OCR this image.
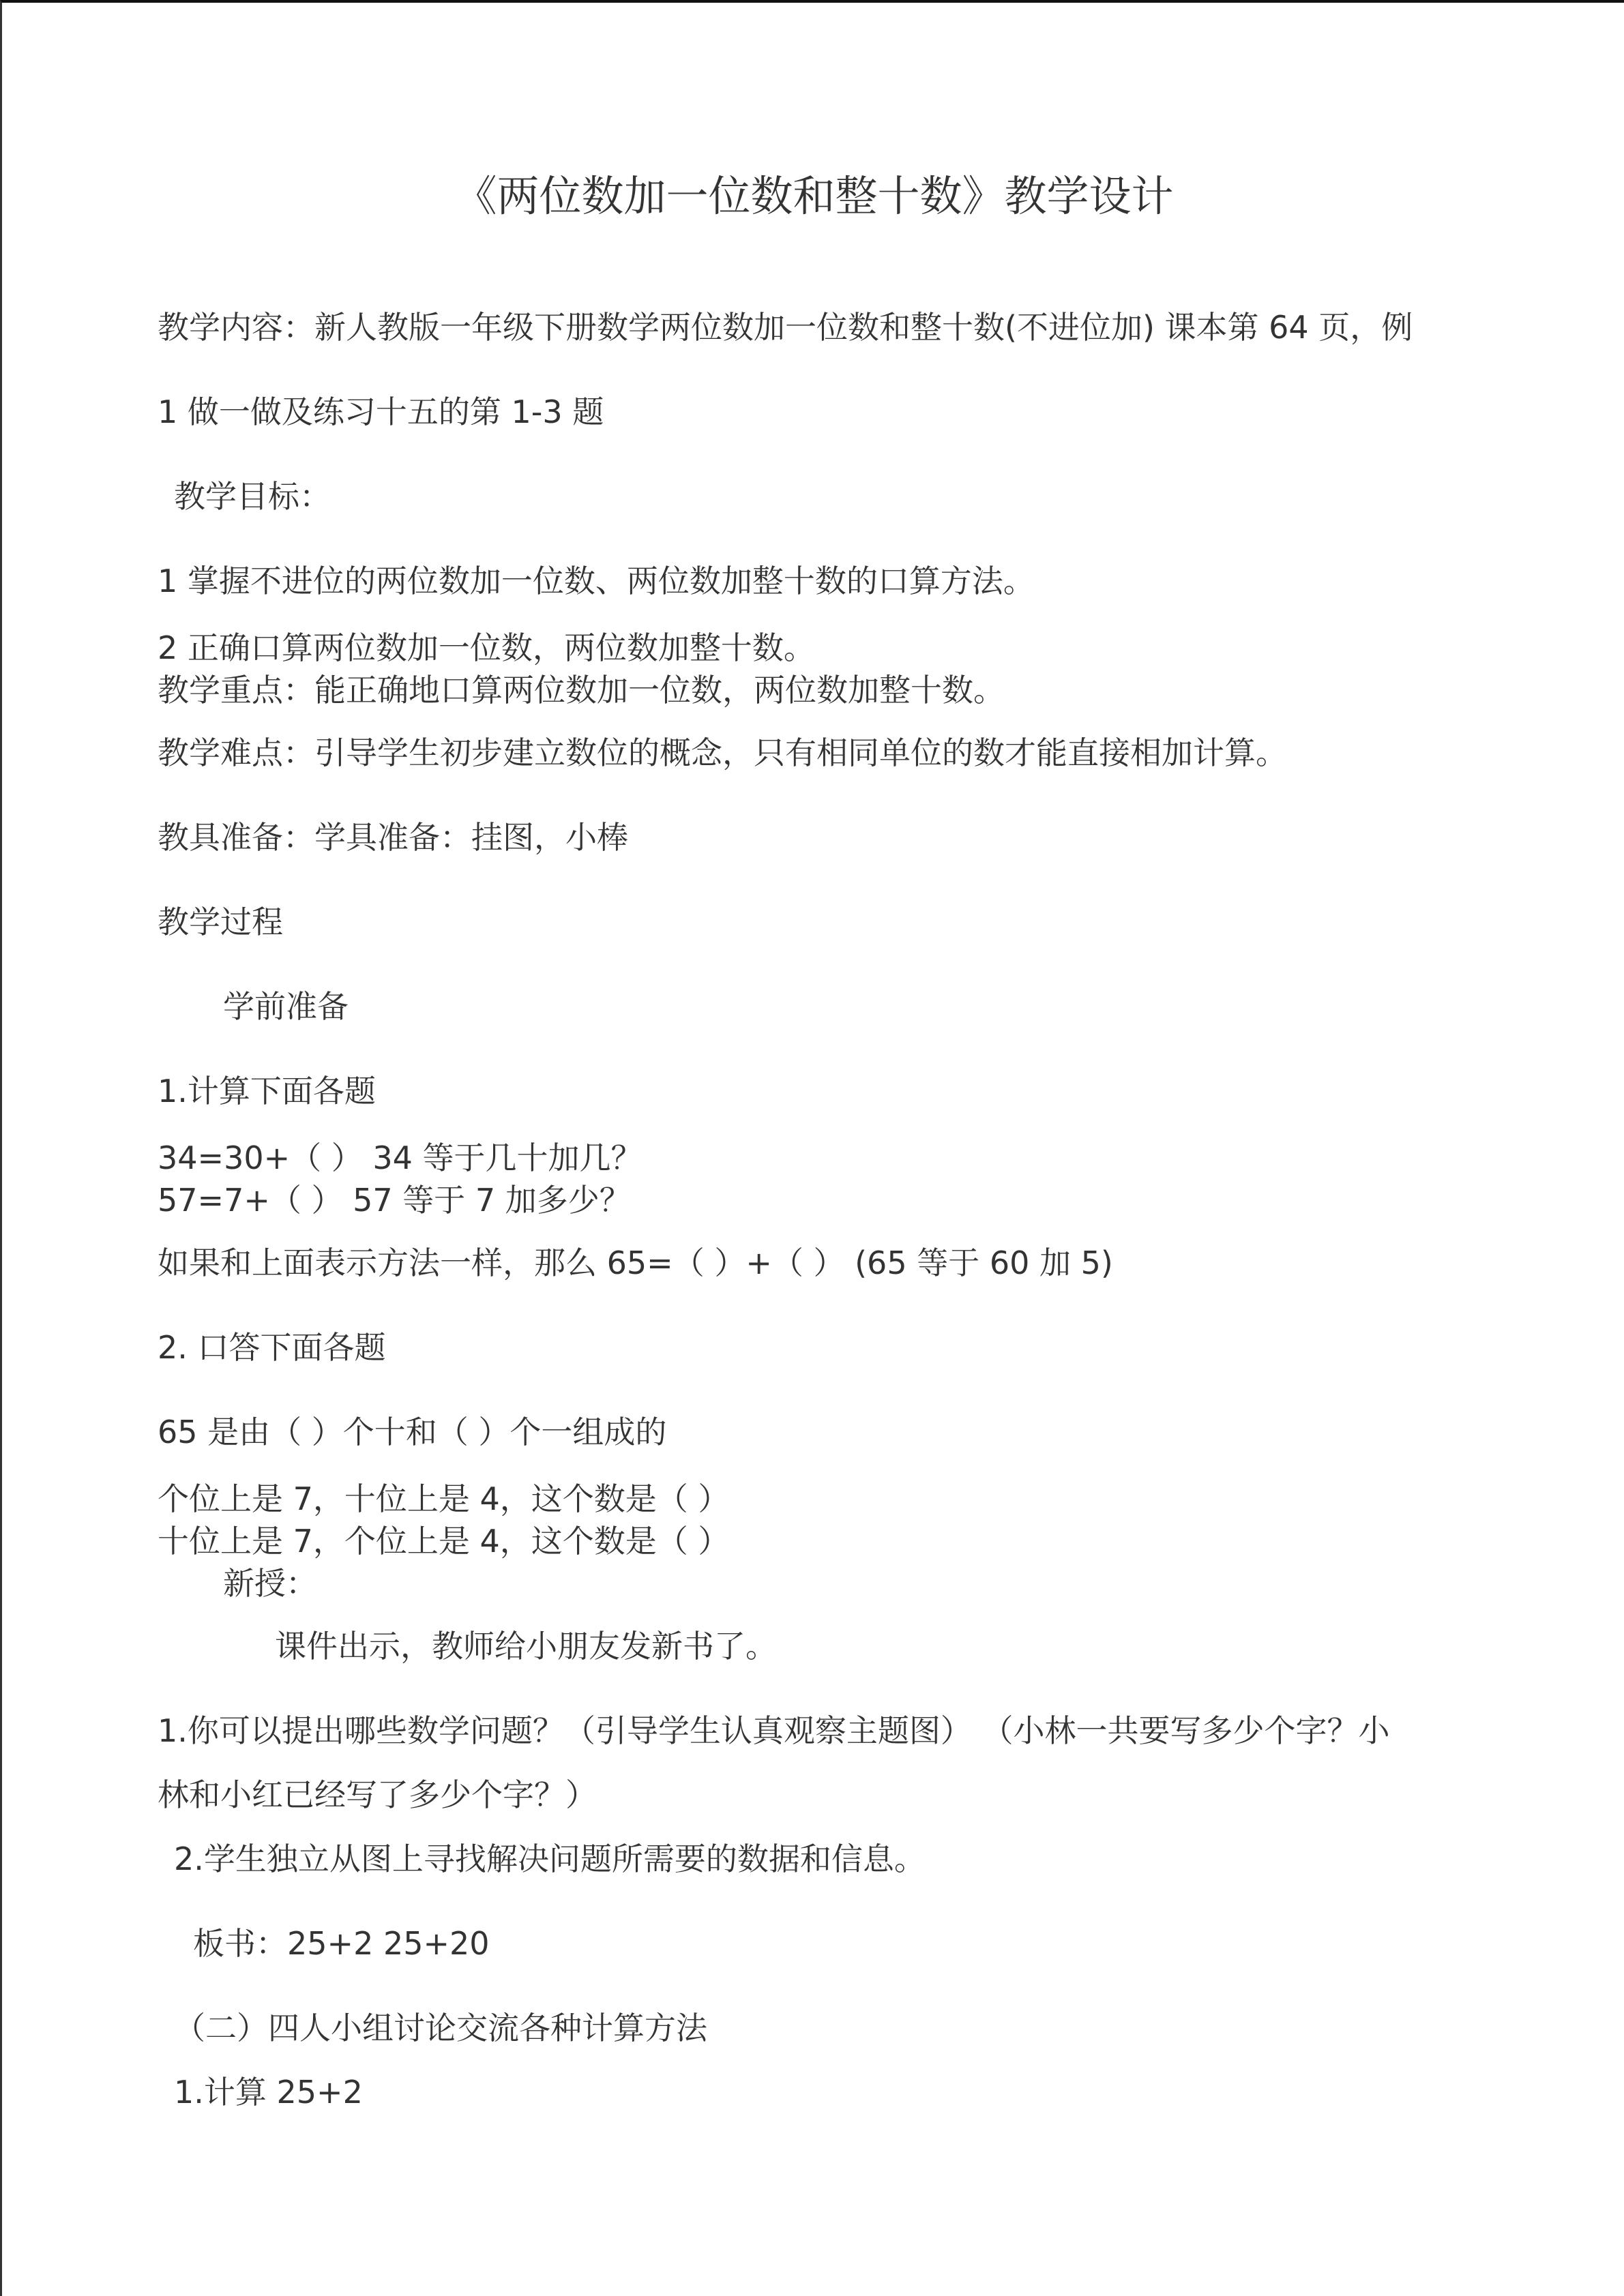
《两位数加一位数和整十数》教学设计
教学内容：新人教版一年级下册数学两位数加一位数和整十数(不进位加) 课本第 64 页，例
1 做一做及练习十五的第 1-3 题
教学目标：
1 掌握不进位的两位数加一位数、两位数加整十数的口算方法。
2 正确口算两位数加一位数，两位数加整十数。
教学重点：能正确地口算两位数加一位数，两位数加整十数。
教学难点：引导学生初步建立数位的概念，只有相同单位的数才能直接相加计算。
教具准备：学具准备：挂图，小棒
教学过程
学前准备
1.计算下面各题
34=30+（ ） 34 等于几十加几？
57=7+（ ） 57 等于 7 加多少？
如果和上面表示方法一样，那么 65=（ ）+（ ） (65 等于 60 加 5)
2. 口答下面各题
65 是由（ ）个十和（ ）个一组成的
个位上是 7，十位上是 4，这个数是（ ）
十位上是 7，个位上是 4，这个数是（ ）
新授：
课件出示，教师给小朋友发新书了。
1.你可以提出哪些数学问题？（引导学生认真观察主题图） （小林一共要写多少个字？小
林和小红已经写了多少个字？）
2.学生独立从图上寻找解决问题所需要的数据和信息。
板书：25+2 25+20
（二）四人小组讨论交流各种计算方法
1.计算 25+2
